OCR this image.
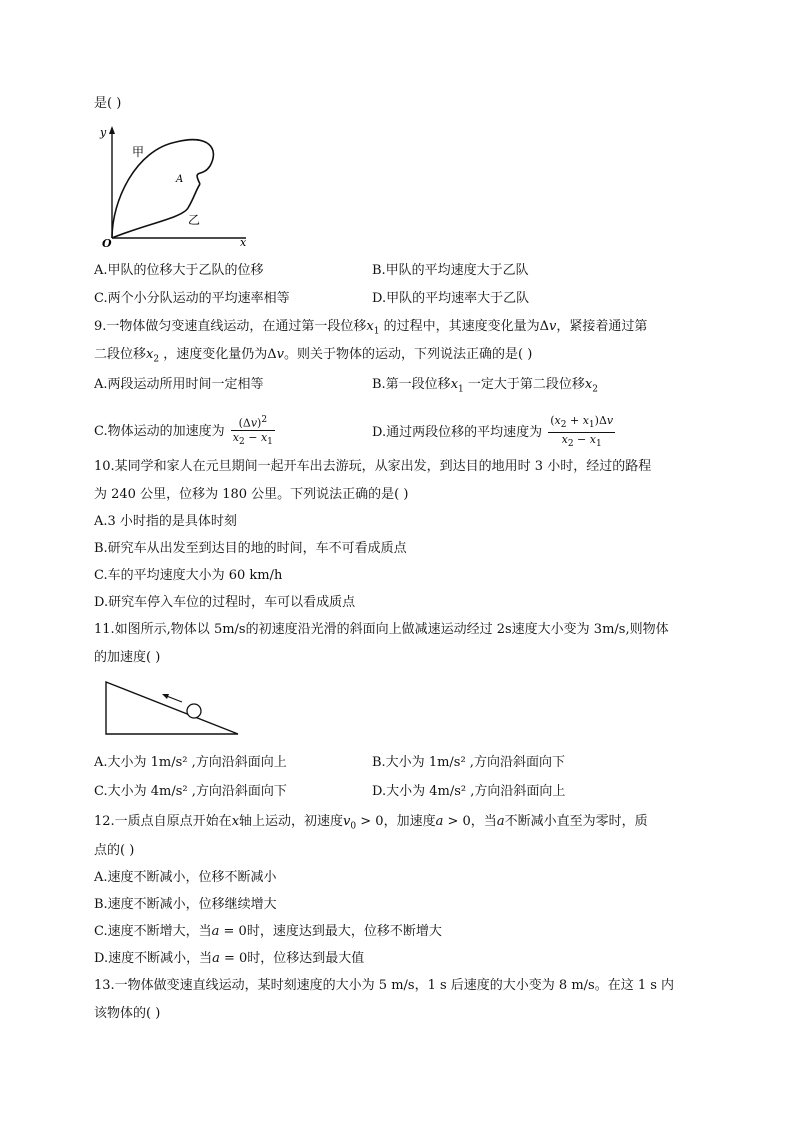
是( )
y
x
O
甲
A
乙
A.甲队的位移大于乙队的位移	B.甲队的平均速度大于乙队
C.两个小分队运动的平均速率相等	D.甲队的平均速率大于乙队
9.一物体做匀变速直线运动，在通过第一段位移$x_1$ 的过程中，其速度变化量为Δv，紧接着通过第
二段位移$x_2$ ，速度变化量仍为Δv。则关于物体的运动，下列说法正确的是( )
A.两段运动所用时间一定相等	B.第一段位移$x_1$ 一定大于第二段位移$x_2$
C.物体运动的加速度为 $\frac{(\Delta v)^2}{x_2 - x_1}$	D.通过两段位移的平均速度为 $\frac{(x_2 + x_1)\Delta v}{x_2 - x_1}$
10.某同学和家人在元旦期间一起开车出去游玩，从家出发，到达目的地用时 3 小时，经过的路程
为 240 公里，位移为 180 公里。下列说法正确的是( )
A.3 小时指的是具体时刻
B.研究车从出发至到达目的地的时间，车不可看成质点
C.车的平均速度大小为 60 km/h
D.研究车停入车位的过程时，车可以看成质点
11.如图所示,物体以 5m/s的初速度沿光滑的斜面向上做减速运动经过 2s速度大小变为 3m/s,则物体
的加速度( )
A.大小为 1m/s² ,方向沿斜面向上	B.大小为 1m/s² ,方向沿斜面向下
C.大小为 4m/s² ,方向沿斜面向下	D.大小为 4m/s² ,方向沿斜面向上
12.一质点自原点开始在x轴上运动，初速度$v_0 > 0$，加速度a > 0，当a不断减小直至为零时，质
点的( )
A.速度不断减小，位移不断减小
B.速度不断减小，位移继续增大
C.速度不断增大，当a = 0时，速度达到最大，位移不断增大
D.速度不断减小，当a = 0时，位移达到最大值
13.一物体做变速直线运动，某时刻速度的大小为 5 m/s，1 s 后速度的大小变为 8 m/s。在这 1 s 内
该物体的( )
